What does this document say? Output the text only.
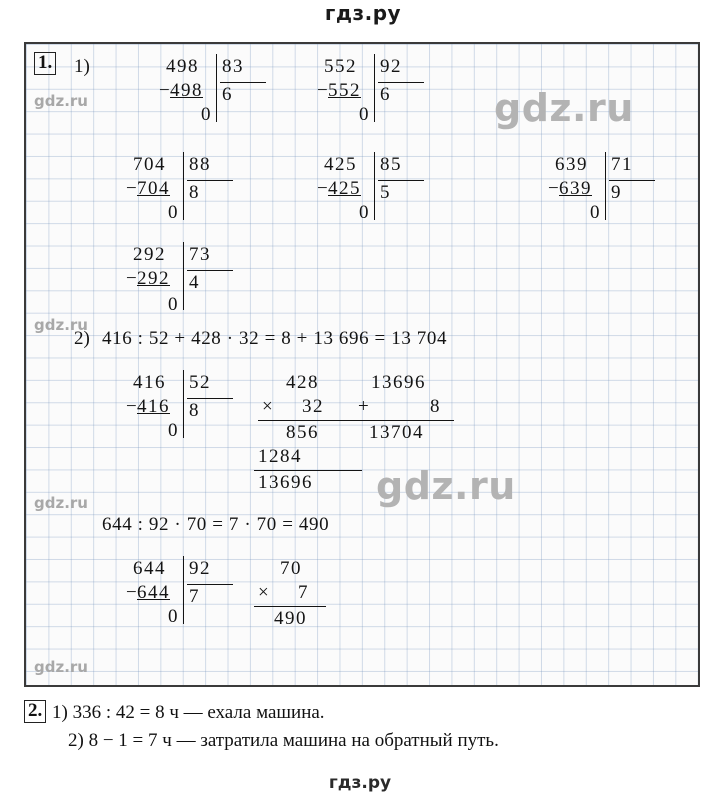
гдз.ру
gdz.ru
gdz.ru
gdz.ru
gdz.ru
gdz.ru
gdz.ru
1. 1)	498 83
−
498 6
0
552 92
−
552 6
0
704 88
−
704 8
0
425 85
−
425 5
0
639 71
−
639 9
0
292 73
−
292 4
0
2) 416 : 52 + 428 · 32 = 8 + 13 696 = 13 704
416 52
−
416 8
0
428
× 32
856
1284
13696
13696
+	8
13704
644 : 92 · 70 = 7 · 70 = 490
644 92
−
644 7
0
70
× 7
490
2. 1) 336 : 42 = 8 ч — ехала машина.
2) 8 − 1 = 7 ч — затратила машина на обратный путь.
гдз.ру
